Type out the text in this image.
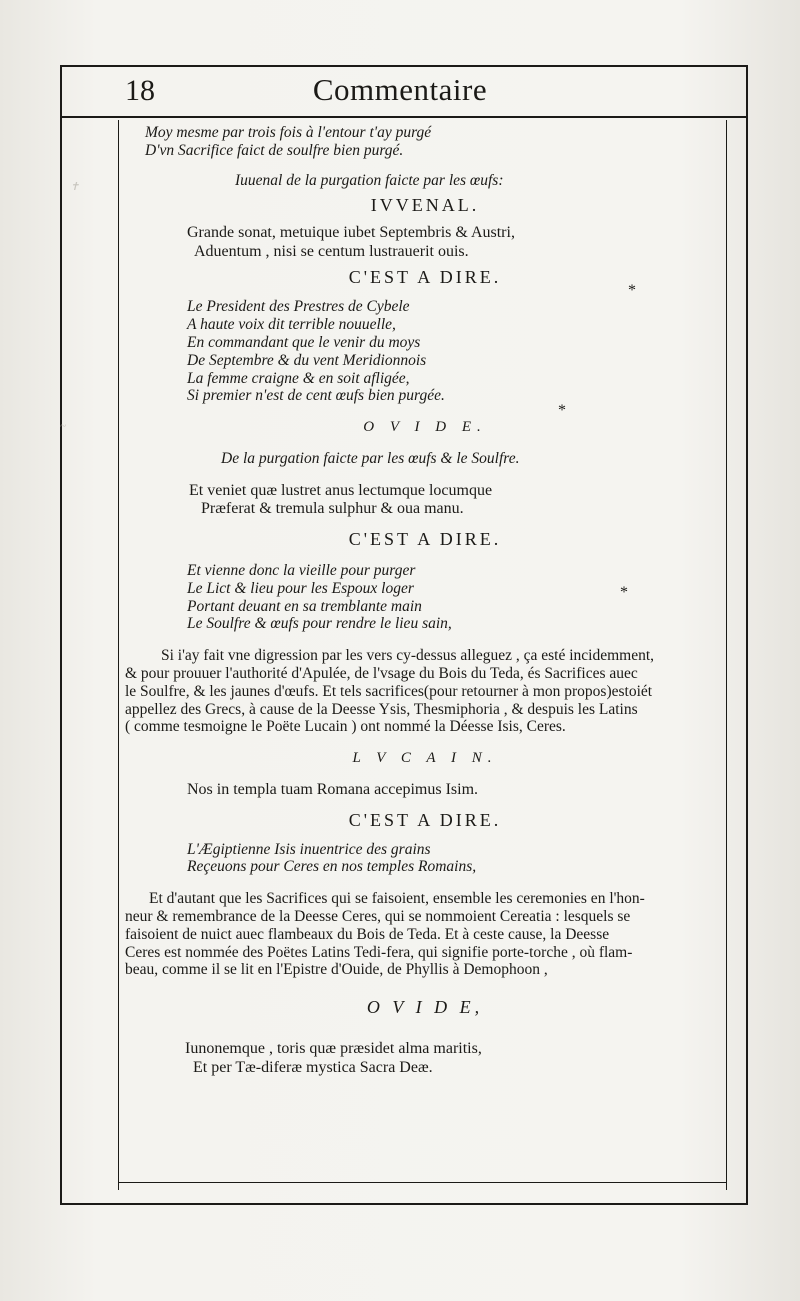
✝
~
18	Commentaire
*
*
*
Moy mesme par trois fois à l'entour t'ay purgé
D'vn Sacrifice faict de soulfre bien purgé.
Iuuenal de la purgation faicte par les œufs:
IVVENAL.
Grande sonat, metuique iubet Septembris & Austri,
Aduentum , nisi se centum lustrauerit ouis.
C'EST A DIRE.
Le President des Prestres de Cybele
A haute voix dit terrible nouuelle,
En commandant que le venir du moys
De Septembre & du vent Meridionnois
La femme craigne & en soit afligée,
Si premier n'est de cent œufs bien purgée.
O V I D E.
De la purgation faicte par les œufs & le Soulfre.
Et veniet quæ lustret anus lectumque locumque
Præferat & tremula sulphur & oua manu.
C'EST A DIRE.
Et vienne donc la vieille pour purger
Le Lict & lieu pour les Espoux loger
Portant deuant en sa tremblante main
Le Soulfre & œufs pour rendre le lieu sain,

Si i'ay fait vne digression par les vers cy-dessus alleguez , ça esté incidemment,

& pour prouuer l'authorité d'Apulée, de l'vsage du Bois du Teda, és Sacrifices auec

le Soulfre, & les jaunes d'œufs. Et tels sacrifices(pour retourner à mon propos)estoiét

appellez des Grecs, à cause de la Deesse Ysis, Thesmiphoria , & despuis les Latins

( comme tesmoigne le Poëte Lucain ) ont nommé la Déesse Isis, Ceres.

L V C A I N.
Nos in templa tuam Romana accepimus Isim.
C'EST A DIRE.
L'Ægiptienne Isis inuentrice des grains
Reçeuons pour Ceres en nos temples Romains,

Et d'autant que les Sacrifices qui se faisoient, ensemble les ceremonies en l'hon-

neur & remembrance de la Deesse Ceres, qui se nommoient Cereatia : lesquels se

faisoient de nuict auec flambeaux du Bois de Teda. Et à ceste cause, la Deesse

Ceres est nommée des Poëtes Latins Tedi-fera, qui signifie porte-torche , où flam-

beau, comme il se lit en l'Epistre d'Ouide, de Phyllis à Demophoon ,

O V I D E,
Iunonemque , toris quæ præsidet alma maritis,
Et per Tæ-diferæ mystica Sacra Deæ.
